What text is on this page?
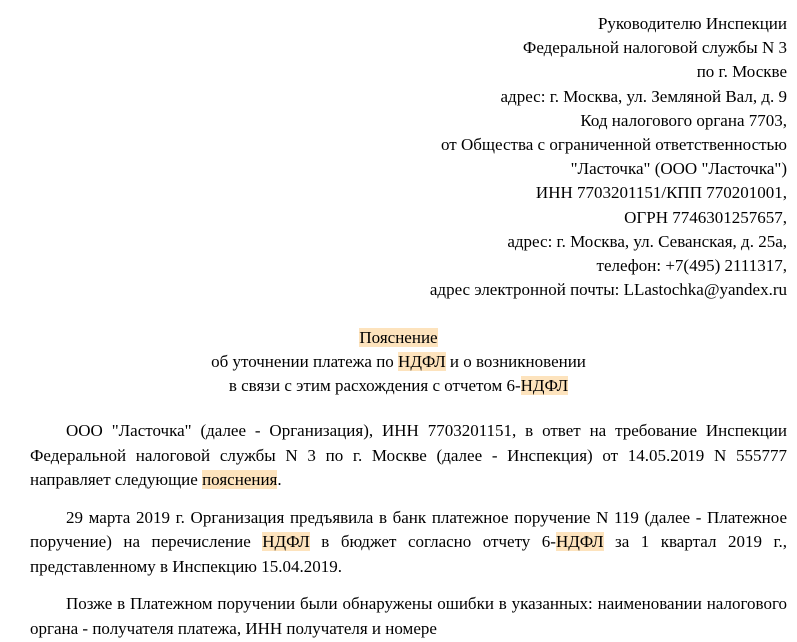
Руководителю Инспекции
Федеральной налоговой службы N 3
по г. Москве
адрес: г. Москва, ул. Земляной Вал, д. 9
Код налогового органа 7703,
от Общества с ограниченной ответственностью
"Ласточка" (ООО "Ласточка")
ИНН 7703201151/КПП 770201001,
ОГРН 7746301257657,
адрес: г. Москва, ул. Севанская, д. 25а,
телефон: +7(495) 2111317,
адрес электронной почты: LLastochka@yandex.ru
Пояснение
об уточнении платежа по НДФЛ и о возникновении
в связи с этим расхождения с отчетом 6-НДФЛ

ООО "Ласточка" (далее - Организация), ИНН 7703201151, в ответ на требование Инспекции Федеральной налоговой службы N 3 по г. Москве (далее - Инспекция) от 14.05.2019 N 555777 направляет следующие пояснения.

29 марта 2019 г. Организация предъявила в банк платежное поручение N 119 (далее - Платежное поручение) на перечисление НДФЛ в бюджет согласно отчету 6-НДФЛ за 1 квартал 2019 г., представленному в Инспекцию 15.04.2019.

Позже в Платежном поручении были обнаружены ошибки в указанных: наименовании налогового органа - получателя платежа, ИНН получателя и номере
